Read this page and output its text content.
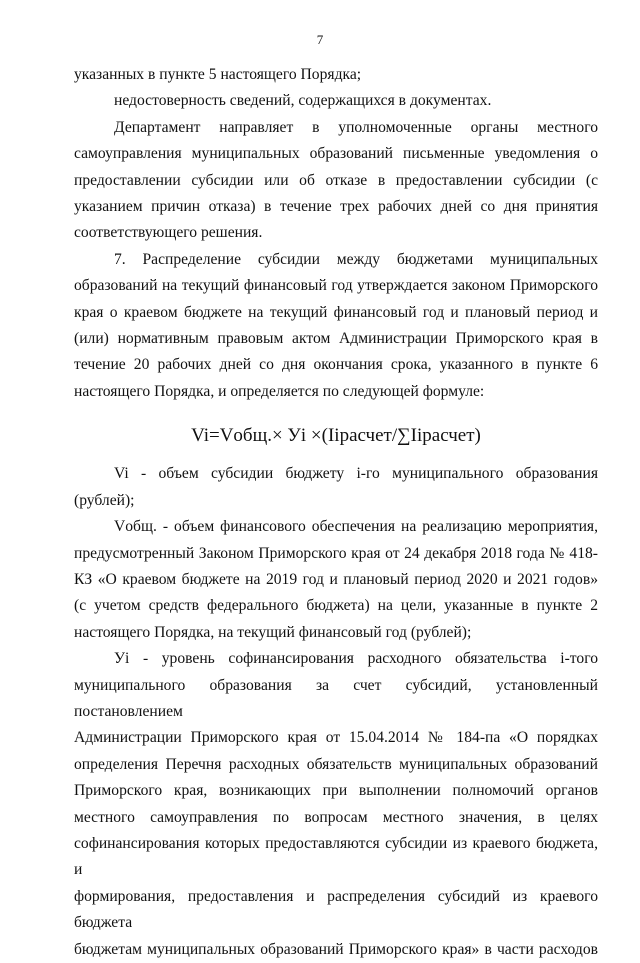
7
указанных в пункте 5 настоящего Порядка;
недостоверность сведений, содержащихся в документах.
Департамент направляет в уполномоченные органы местного
самоуправления муниципальных образований письменные уведомления о
предоставлении субсидии или об отказе в предоставлении субсидии (с
указанием причин отказа) в течение трех рабочих дней со дня принятия
соответствующего решения.
7. Распределение субсидии между бюджетами муниципальных
образований на текущий финансовый год утверждается законом Приморского
края о краевом бюджете на текущий финансовый год и плановый период и
(или) нормативным правовым актом Администрации Приморского края в
течение 20 рабочих дней со дня окончания срока, указанного в пункте 6
настоящего Порядка, и определяется по следующей формуле:
Vi=Vобщ.× Уi ×(Iiрасчет/∑Iiрасчет)
Vi - объем субсидии бюджету i-го муниципального образования (рублей);
Vобщ. - объем финансового обеспечения на реализацию мероприятия,
предусмотренный Законом Приморского края от 24 декабря 2018 года № 418-
КЗ «О краевом бюджете на 2019 год и плановый период 2020 и 2021 годов»
(с учетом средств федерального бюджета) на цели, указанные в пункте 2
настоящего Порядка, на текущий финансовый год (рублей);
Уi - уровень софинансирования расходного обязательства i-того
муниципального образования за счет субсидий, установленный постановлением
Администрации Приморского края от 15.04.2014 № 184-па «О порядках
определения Перечня расходных обязательств муниципальных образований
Приморского края, возникающих при выполнении полномочий органов
местного самоуправления по вопросам местного значения, в целях
софинансирования которых предоставляются субсидии из краевого бюджета, и
формирования, предоставления и распределения субсидий из краевого бюджета
бюджетам муниципальных образований Приморского края» в части расходов
